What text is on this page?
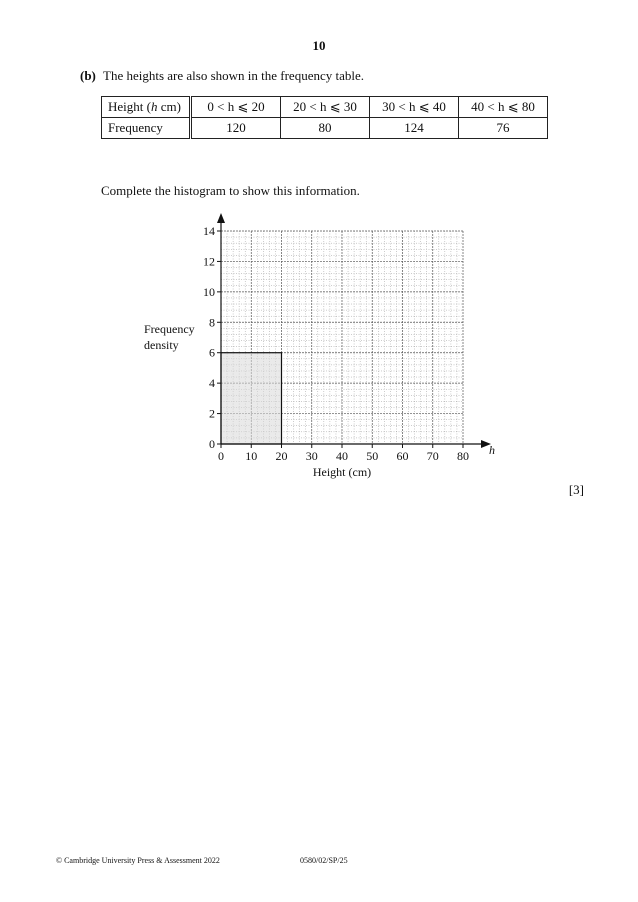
10
(b) The heights are also shown in the frequency table.
Height (h cm)	0 < h ⩽ 20	20 < h ⩽ 30	30 < h ⩽ 40	40 < h ⩽ 80
Frequency	120	80	124	76
Complete the histogram to show this information.
0
2
4
6
8
10
12
14
0 10 20 30 40 50 60 70 80
Height (cm)
Frequency
density
h
[3]
© Cambridge University Press & Assessment 2022	0580/02/SP/25
